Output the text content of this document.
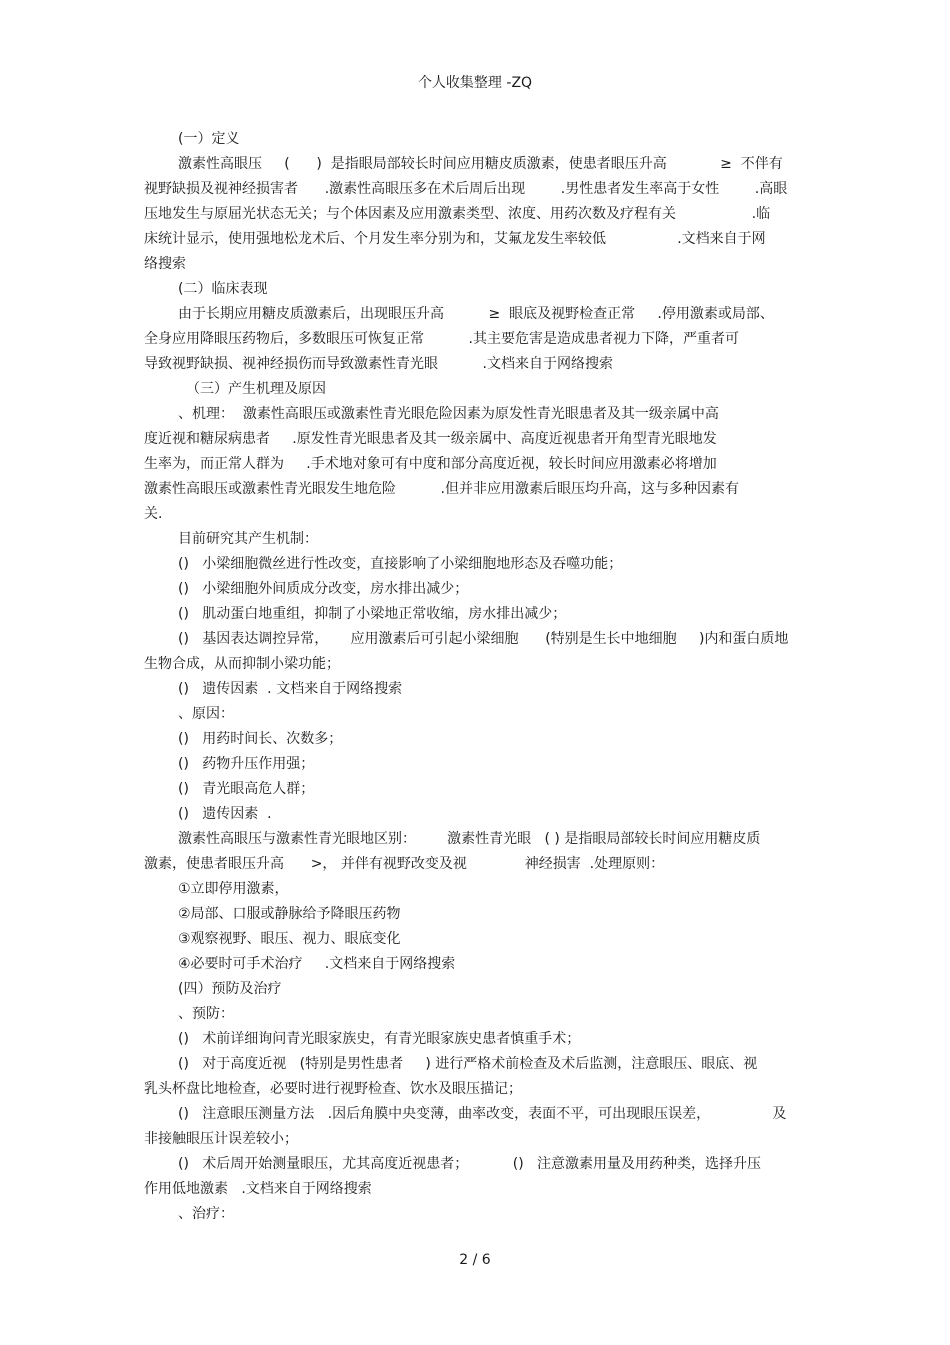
个人收集整理 -ZQ
(一）定义
激素性高眼压     (      )  是指眼局部较长时间应用糖皮质激素，使患者眼压升高            ≥  不伴有
视野缺损及视神经损害者      .激素性高眼压多在术后周后出现        .男性患者发生率高于女性        .高眼
压地发生与原屈光状态无关；与个体因素及应用激素类型、浓度、用药次数及疗程有关                 .临
床统计显示，使用强地松龙术后、个月发生率分别为和，艾氟龙发生率较低                .文档来自于网
络搜索
(二）临床表现
由于长期应用糖皮质激素后，出现眼压升高          ≥  眼底及视野检查正常     .停用激素或局部、
全身应用降眼压药物后，多数眼压可恢复正常          .其主要危害是造成患者视力下降，严重者可
导致视野缺损、视神经损伤而导致激素性青光眼          .文档来自于网络搜索
（三）产生机理及原因
、机理：  激素性高眼压或激素性青光眼危险因素为原发性青光眼患者及其一级亲属中高
度近视和糖尿病患者     .原发性青光眼患者及其一级亲属中、高度近视患者开角型青光眼地发
生率为，而正常人群为     .手术地对象可有中度和部分高度近视，较长时间应用激素必将增加
激素性高眼压或激素性青光眼发生地危险          .但并非应用激素后眼压均升高，这与多种因素有
关.
目前研究其产生机制：
()   小梁细胞微丝进行性改变，直接影响了小梁细胞地形态及吞噬功能；
()   小梁细胞外间质成分改变，房水排出减少；
()   肌动蛋白地重组，抑制了小梁地正常收缩，房水排出减少；
()   基因表达调控异常，     应用激素后可引起小梁细胞      (特别是生长中地细胞     )内和蛋白质地
生物合成，从而抑制小梁功能；
()   遗传因素  . 文档来自于网络搜索
、原因：
()   用药时间长、次数多；
()   药物升压作用强；
()   青光眼高危人群；
()   遗传因素  .
激素性高眼压与激素性青光眼地区别：       激素性青光眼   ( ) 是指眼局部较长时间应用糖皮质
激素，使患者眼压升高      >， 并伴有视野改变及视             神经损害  .处理原则：
①立即停用激素，
②局部、口服或静脉给予降眼压药物
③观察视野、眼压、视力、眼底变化
④必要时可手术治疗     .文档来自于网络搜索
(四）预防及治疗
、预防：
()   术前详细询问青光眼家族史，有青光眼家族史患者慎重手术；
()   对于高度近视   (特别是男性患者     ) 进行严格术前检查及术后监测，注意眼压、眼底、视
乳头杯盘比地检查，必要时进行视野检查、饮水及眼压描记；
()   注意眼压测量方法   .因后角膜中央变薄，曲率改变，表面不平，可出现眼压误差，              及
非接触眼压计误差较小；
()   术后周开始测量眼压，尤其高度近视患者；          ()   注意激素用量及用药种类，选择升压
作用低地激素   .文档来自于网络搜索
、治疗：
2 / 6
